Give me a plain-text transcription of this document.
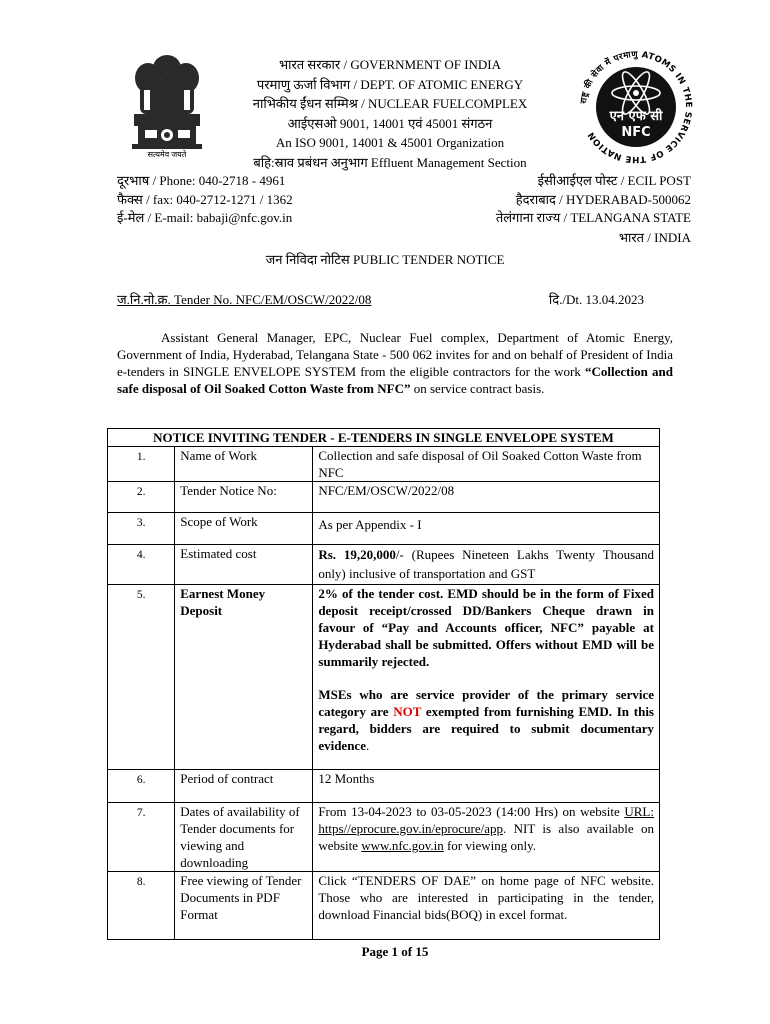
सत्यमेव जयते
भारत सरकार / GOVERNMENT OF INDIA
परमाणु ऊर्जा विभाग / DEPT. OF ATOMIC ENERGY
नाभिकीय ईंधन सम्मिश्र / NUCLEAR FUELCOMPLEX
आईएसओ 9001, 14001 एवं 45001 संगठन
An ISO 9001, 14001 & 45001 Organization
बहि:स्राव प्रबंधन अनुभाग Effluent Management Section
राष्ट्र की सेवा में परमाणु ATOMS IN THE SERVICE OF THE NATION
एन एफ सी
NFC
दूरभाष / Phone: 040-2718 - 4961
फैक्स / fax: 040-2712-1271 / 1362
ई-मेल / E-mail: babaji@nfc.gov.in
ईसीआईएल पोस्ट / ECIL POST
हैदराबाद / HYDERABAD-500062
तेलंगाना राज्य / TELANGANA STATE
भारत / INDIA
जन निविदा नोटिस PUBLIC TENDER NOTICE
ज.नि.नो.क्र. Tender No. NFC/EM/OSCW/2022/08	दि./Dt. 13.04.2023
Assistant General Manager, EPC, Nuclear Fuel complex, Department of Atomic Energy, Government of India, Hyderabad, Telangana State - 500 062 invites for and on behalf of President of India e-tenders in SINGLE ENVELOPE SYSTEM from the eligible contractors for the work “Collection and safe disposal of Oil Soaked Cotton Waste from NFC” on service contract basis.
NOTICE INVITING TENDER - E-TENDERS IN SINGLE ENVELOPE SYSTEM		
1.	Name of Work	Collection and safe disposal of Oil Soaked Cotton Waste from NFC
2.	Tender Notice No:	NFC/EM/OSCW/2022/08
3.	Scope of Work	As per Appendix - I
4.	Estimated cost	Rs. 19,20,000/- (Rupees Nineteen Lakhs Twenty Thousand only) inclusive of transportation and GST
5.	Earnest Money Deposit	2% of the tender cost. EMD should be in the form of Fixed deposit receipt/crossed DD/Bankers Cheque drawn in favour of “Pay and Accounts officer, NFC” payable at Hyderabad shall be submitted. Offers without EMD will be summarily rejected.
MSEs who are service provider of the primary service category are NOT exempted from furnishing EMD. In this regard, bidders are required to submit documentary evidence.

6.	Period of contract	12 Months
7.	Dates of availability of Tender documents for viewing and downloading	From 13-04-2023 to 03-05-2023 (14:00 Hrs) on website URL: https//eprocure.gov.in/eprocure/app. NIT is also available on website www.nfc.gov.in for viewing only.
8.	Free viewing of Tender Documents in PDF Format	Click “TENDERS OF DAE” on home page of NFC website. Those who are interested in participating in the tender, download Financial bids(BOQ) in excel format.
Page 1 of 15
